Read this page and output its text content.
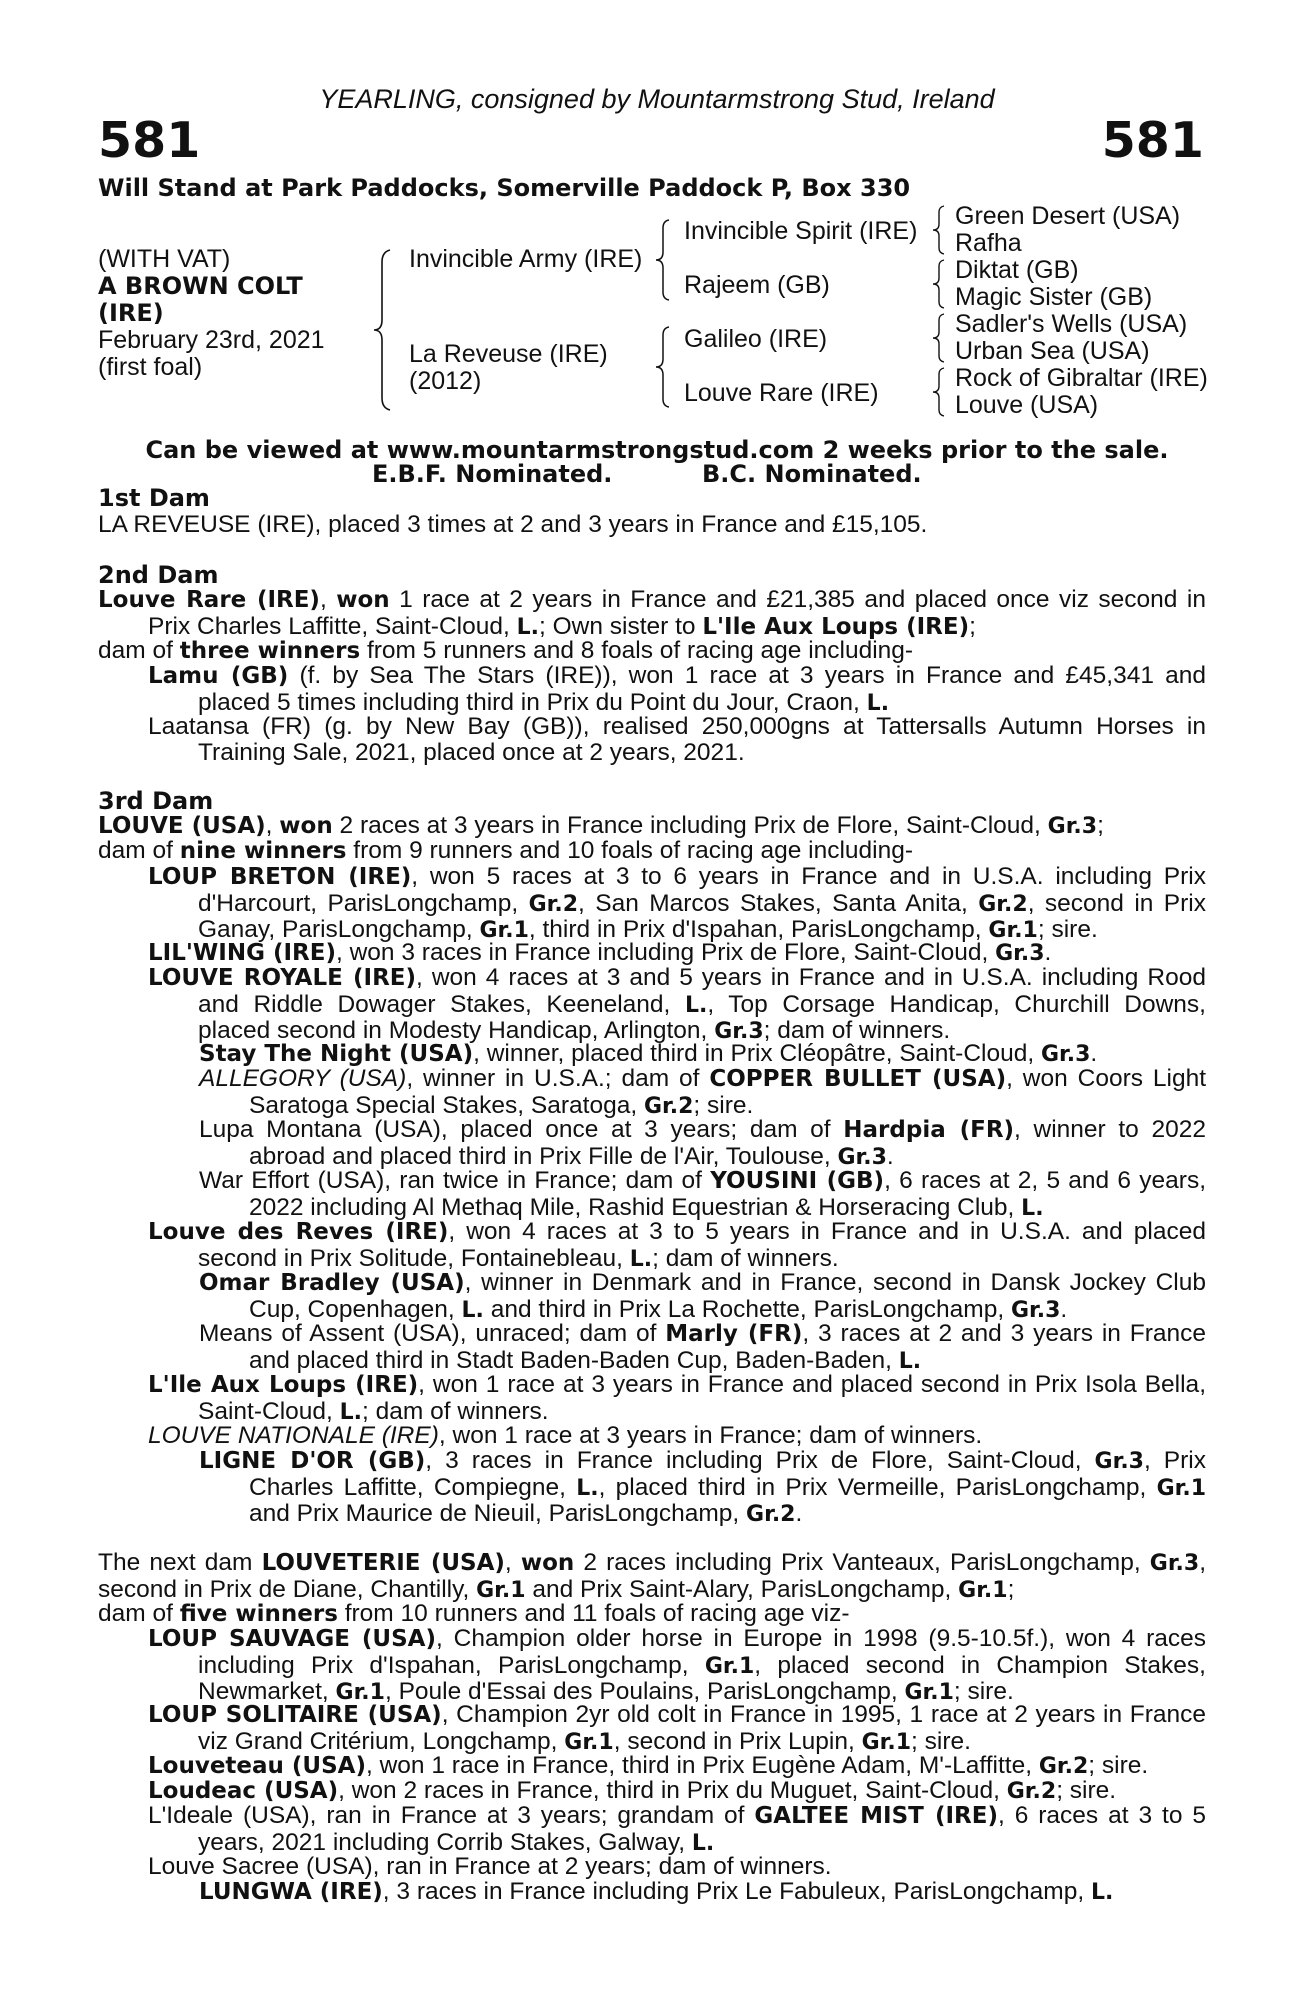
YEARLING, consigned by Mountarmstrong Stud, Ireland
581	581
Will Stand at Park Paddocks, Somerville Paddock P, Box 330
(WITH VAT)
A BROWN COLT
(IRE)
February 23rd, 2021
(first foal)
Invincible Army (IRE)
La Reveuse (IRE)
(2012)
Invincible Spirit (IRE)
Rajeem (GB)
Galileo (IRE)
Louve Rare (IRE)
Green Desert (USA)
Rafha
Diktat (GB)
Magic Sister (GB)
Sadler's Wells (USA)
Urban Sea (USA)
Rock of Gibraltar (IRE)
Louve (USA)
Can be viewed at www.mountarmstrongstud.com 2 weeks prior to the sale.
E.B.F. Nominated.	B.C. Nominated.
1st Dam
LA REVEUSE (IRE), placed 3 times at 2 and 3 years in France and £15,105.
2nd Dam
Louve Rare (IRE), won 1 race at 2 years in France and £21,385 and placed once viz second in Prix Charles Laffitte, Saint-Cloud, L.; Own sister to L'Ile Aux Loups (IRE);
dam of three winners from 5 runners and 8 foals of racing age including-
Lamu (GB) (f. by Sea The Stars (IRE)), won 1 race at 3 years in France and £45,341 and placed 5 times including third in Prix du Point du Jour, Craon, L.
Laatansa (FR) (g. by New Bay (GB)), realised 250,000gns at Tattersalls Autumn Horses in Training Sale, 2021, placed once at 2 years, 2021.
3rd Dam
LOUVE (USA), won 2 races at 3 years in France including Prix de Flore, Saint-Cloud, Gr.3;
dam of nine winners from 9 runners and 10 foals of racing age including-
LOUP BRETON (IRE), won 5 races at 3 to 6 years in France and in U.S.A. including Prix d'Harcourt, ParisLongchamp, Gr.2, San Marcos Stakes, Santa Anita, Gr.2, second in Prix Ganay, ParisLongchamp, Gr.1, third in Prix d'Ispahan, ParisLongchamp, Gr.1; sire.
LIL'WING (IRE), won 3 races in France including Prix de Flore, Saint-Cloud, Gr.3.
LOUVE ROYALE (IRE), won 4 races at 3 and 5 years in France and in U.S.A. including Rood and Riddle Dowager Stakes, Keeneland, L., Top Corsage Handicap, Churchill Downs, placed second in Modesty Handicap, Arlington, Gr.3; dam of winners.
Stay The Night (USA), winner, placed third in Prix Cléopâtre, Saint-Cloud, Gr.3.
ALLEGORY (USA), winner in U.S.A.; dam of COPPER BULLET (USA), won Coors Light Saratoga Special Stakes, Saratoga, Gr.2; sire.
Lupa Montana (USA), placed once at 3 years; dam of Hardpia (FR), winner to 2022 abroad and placed third in Prix Fille de l'Air, Toulouse, Gr.3.
War Effort (USA), ran twice in France; dam of YOUSINI (GB), 6 races at 2, 5 and 6 years, 2022 including Al Methaq Mile, Rashid Equestrian & Horseracing Club, L.
Louve des Reves (IRE), won 4 races at 3 to 5 years in France and in U.S.A. and placed second in Prix Solitude, Fontainebleau, L.; dam of winners.
Omar Bradley (USA), winner in Denmark and in France, second in Dansk Jockey Club Cup, Copenhagen, L. and third in Prix La Rochette, ParisLongchamp, Gr.3.
Means of Assent (USA), unraced; dam of Marly (FR), 3 races at 2 and 3 years in France and placed third in Stadt Baden-Baden Cup, Baden-Baden, L.
L'Ile Aux Loups (IRE), won 1 race at 3 years in France and placed second in Prix Isola Bella, Saint-Cloud, L.; dam of winners.
LOUVE NATIONALE (IRE), won 1 race at 3 years in France; dam of winners.
LIGNE D'OR (GB), 3 races in France including Prix de Flore, Saint-Cloud, Gr.3, Prix Charles Laffitte, Compiegne, L., placed third in Prix Vermeille, ParisLongchamp, Gr.1 and Prix Maurice de Nieuil, ParisLongchamp, Gr.2.
The next dam LOUVETERIE (USA), won 2 races including Prix Vanteaux, ParisLongchamp, Gr.3, second in Prix de Diane, Chantilly, Gr.1 and Prix Saint-Alary, ParisLongchamp, Gr.1;
dam of five winners from 10 runners and 11 foals of racing age viz-
LOUP SAUVAGE (USA), Champion older horse in Europe in 1998 (9.5-10.5f.), won 4 races including Prix d'Ispahan, ParisLongchamp, Gr.1, placed second in Champion Stakes, Newmarket, Gr.1, Poule d'Essai des Poulains, ParisLongchamp, Gr.1; sire.
LOUP SOLITAIRE (USA), Champion 2yr old colt in France in 1995, 1 race at 2 years in France viz Grand Critérium, Longchamp, Gr.1, second in Prix Lupin, Gr.1; sire.
Louveteau (USA), won 1 race in France, third in Prix Eugène Adam, M'-Laffitte, Gr.2; sire.
Loudeac (USA), won 2 races in France, third in Prix du Muguet, Saint-Cloud, Gr.2; sire.
L'Ideale (USA), ran in France at 3 years; grandam of GALTEE MIST (IRE), 6 races at 3 to 5 years, 2021 including Corrib Stakes, Galway, L.
Louve Sacree (USA), ran in France at 2 years; dam of winners.
LUNGWA (IRE), 3 races in France including Prix Le Fabuleux, ParisLongchamp, L.
